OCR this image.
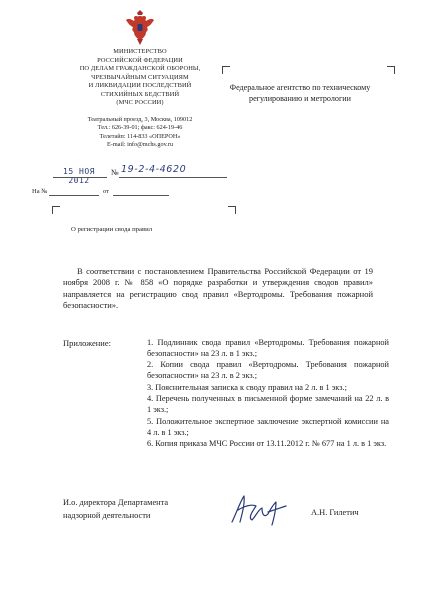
МИНИСТЕРСТВО
РОССИЙСКОЙ ФЕДЕРАЦИИ
ПО ДЕЛАМ ГРАЖДАНСКОЙ ОБОРОНЫ,
ЧРЕЗВЫЧАЙНЫМ СИТУАЦИЯМ
И ЛИКВИДАЦИИ ПОСЛЕДСТВИЙ
СТИХИЙНЫХ БЕДСТВИЙ
(МЧС РОССИИ)
Театральный проезд, 3, Москва, 109012
Тел.: 626-39-01; факс: 624-19-46
Телетайп: 114-833 «ОПЕРОН»
E-mail: info@mchs.gov.ru
15 НОЯ 2012
№ 19-2-4-4620
На №	от
О регистрации свода правил
Федеральное агентство по техническому
регулированию и метрологии
В соответствии с постановлением Правительства Российской Федерации от 19 ноября 2008 г. № 858 «О порядке разработки и утверждения сводов правил» направляется на регистрацию свод правил «Вертодромы. Требования пожарной безопасности».
Приложение:	1. Подлинник свода правил «Вертодромы. Требования пожарной безопасности» на 23 л. в 1 экз.;
2. Копии свода правил «Вертодромы. Требования пожарной безопасности» на 23 л. в 2 экз.;
3. Пояснительная записка к своду правил на 2 л. в 1 экз.;
4. Перечень полученных в письменной форме замечаний на 22 л. в 1 экз.;
5. Положительное экспертное заключение экспертной комиссии на 4 л. в 1 экз.;
6. Копия приказа МЧС России от 13.11.2012 г. № 677 на 1 л. в 1 экз.
И.о. директора Департамента
надзорной деятельности	А.Н. Гилетич
